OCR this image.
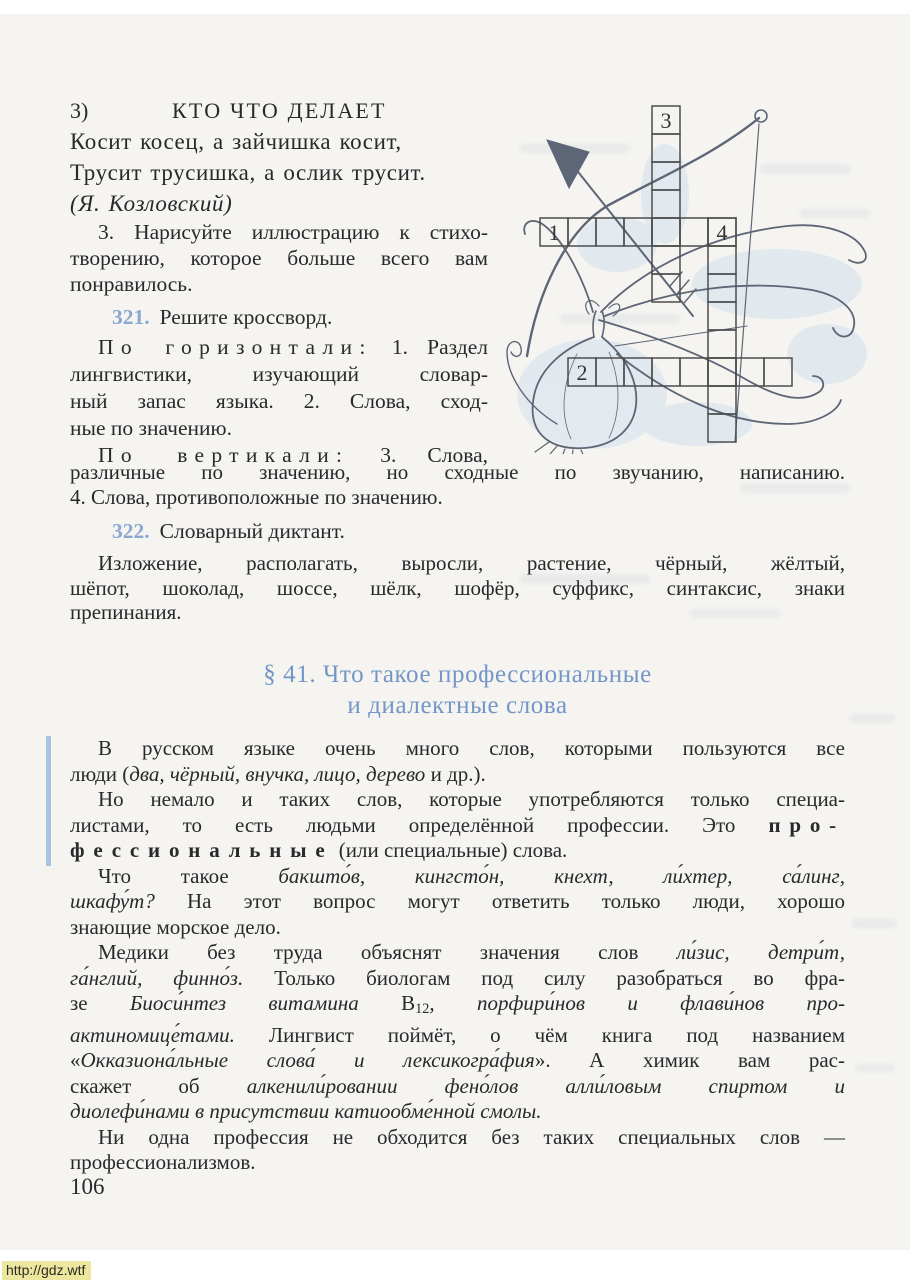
3)	КТО ЧТО ДЕЛАЕТ
Косит косец, а зайчишка косит,
Трусит трусишка, а ослик трусит.
(Я. Козловский)
3. Нарисуйте иллюстрацию к стихо-
творению, которое больше всего вам
понравилось.
321. Решите кроссворд.
По горизонтали: 1. Раздел
лингвистики, изучающий словар-
ный запас языка. 2. Слова, сход-
ные по значению.
По вертикали: 3. Слова,
различные по значению, но сходные по звучанию, написанию.
4. Слова, противоположные по значению.
322. Словарный диктант.
Изложение, располагать, выросли, растение, чёрный, жёлтый,
шёпот, шоколад, шоссе, шёлк, шофёр, суффикс, синтаксис, знаки
препинания.
§ 41. Что такое профессиональные
и диалектные слова
В русском языке очень много слов, которыми пользуются все
люди (два, чёрный, внучка, лицо, дерево и др.).
Но немало и таких слов, которые употребляются только специа-
листами, то есть людьми определённой профессии. Это про-
фессиональные (или специальные) слова.
Что такое бакшто́в, кингсто́н, кнехт, ли́хтер, са́линг,
шкафу́т? На этот вопрос могут ответить только люди, хорошо
знающие морское дело.
Медики без труда объяснят значения слов ли́зис, детри́т,
га́нглий, финно́з. Только биологам под силу разобраться во фра-
зе Биоси́нтез витамина $В_{12}$, порфири́нов и флави́нов про-
актиномице́тами. Лингвист поймёт, о чём книга под названием
«Окказиона́льные слова́ и лексикогра́фия». А химик вам рас-
скажет об алкенили́ровании фено́лов алли́ловым спиртом и
диолефи́нами в присутствии катиообме́нной смолы.
Ни одна профессия не обходится без таких специальных слов —
профессионализмов.
3
1	4
2
106
http://gdz.wtf
